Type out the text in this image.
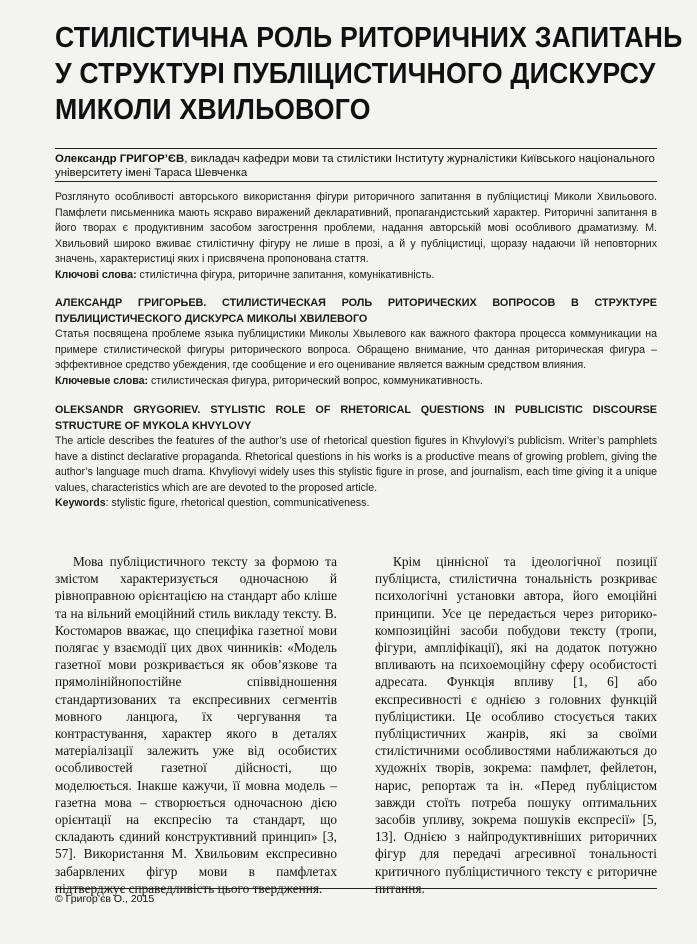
СТИЛІСТИЧНА РОЛЬ РИТОРИЧНИХ ЗАПИТАНЬ
У СТРУКТУРІ ПУБЛІЦИСТИЧНОГО ДИСКУРСУ
МИКОЛИ ХВИЛЬОВОГО
Олександр ГРИГОР’ЄВ, викладач кафедри мови та стилістики Інституту журналістики Київського національного університету імені Тараса Шевченка
Розглянуто особливості авторського використання фігури риторичного запитання в публіцистиці Миколи Хвильового. Памфлети письменника мають яскраво виражений декларативний, пропагандистський характер. Риторичні запитання в його творах є продуктивним засобом загострення проблеми, надання авторській мові особливого драматизму. М. Хвильовий широко вживає стилістичну фігуру не лише в прозі, а й у публіцистиці, щоразу надаючи їй неповторних значень, характеристиці яких і присвячена пропонована стаття.
Ключові слова: стилістична фігура, риторичне запитання, комунікативність.
АЛЕКСАНДР ГРИГОРЬЕВ. СТИЛИСТИЧЕСКАЯ РОЛЬ РИТОРИЧЕСКИХ ВОПРОСОВ В СТРУКТУРЕ ПУБЛИЦИСТИЧЕСКОГО ДИСКУРСА МИКОЛЫ ХВИЛЕВОГО
Статья посвящена проблеме языка публицистики Миколы Хвылевого как важного фактора процесса коммуникации на примере стилистической фигуры риторического вопроса. Обращено внимание, что данная риторическая фигура – эффективное средство убеждения, где сообщение и его оценивание является важным средством влияния.
Ключевые слова: стилистическая фигура, риторический вопрос, коммуникативность.
OLEKSANDR GRYGORIEV. STYLISTIC ROLE OF RHETORICAL QUESTIONS IN PUBLICISTIC DISCOURSE STRUCTURE OF MYKOLA KHVYLOVY
The article describes the features of the author’s use of rhetorical question figures in Khvylovyi’s publicism. Writer’s pamphlets have a distinct declarative propaganda. Rhetorical questions in his works is a productive means of growing problem, giving the author’s language much drama. Khvyliovyi widely uses this stylistic figure in prose, and journalism, each time giving it a unique values, characteristics which are are devoted to the proposed article.
Keywords: stylistic figure, rhetorical question, communicativeness.

Мова публіцистичного тексту за формою та змістом характеризується одночасною й рівноправною орієнтацією на стандарт або кліше та на вільний емоційний стиль викладу тексту. В. Костомаров вважає, що специфіка газетної мови полягає у взаємодії цих двох чинників: «Модель газетної мови розкривається як обов’язкове та прямолінійнопостійне співвідношення стандартизованих та експресивних сегментів мовного ланцюга, їх чергування та контрастування, характер якого в деталях матеріалізації залежить уже від особистих особливостей газетної дійсності, що моделюється. Інакше кажучи, її мовна модель – газетна мова – створюється одночасною дією орієнтації на експресію та стандарт, що складають єдиний конструктивний принцип» [3, 57]. Використання М. Хвильовим експресивно забарвлених фігур мови в памфлетах підтверджує справедливість цього твердження.

Крім ціннісної та ідеологічної позиції публіциста, стилістична тональність розкриває психологічні установки автора, його емоційні принципи. Усе це передається через риторико-композиційні засоби побудови тексту (тропи, фігури, ампліфікації), які на додаток потужно впливають на психоемоційну сферу особистості адресата. Функція впливу [1, 6] або експресивності є однією з головних функцій публіцистики. Це особливо стосується таких публіцистичних жанрів, які за своїми стилістичними особливостями наближаються до художніх творів, зокрема: памфлет, фейлетон, нарис, репортаж та ін. «Перед публіцистом завжди стоїть потреба пошуку оптимальних засобів упливу, зокрема пошуків експресії» [5, 13]. Однією з найпродуктивніших риторичних фігур для передачі агресивної тональності критичного публіцистичного тексту є риторичне питання.

© Григор’єв О., 2015
